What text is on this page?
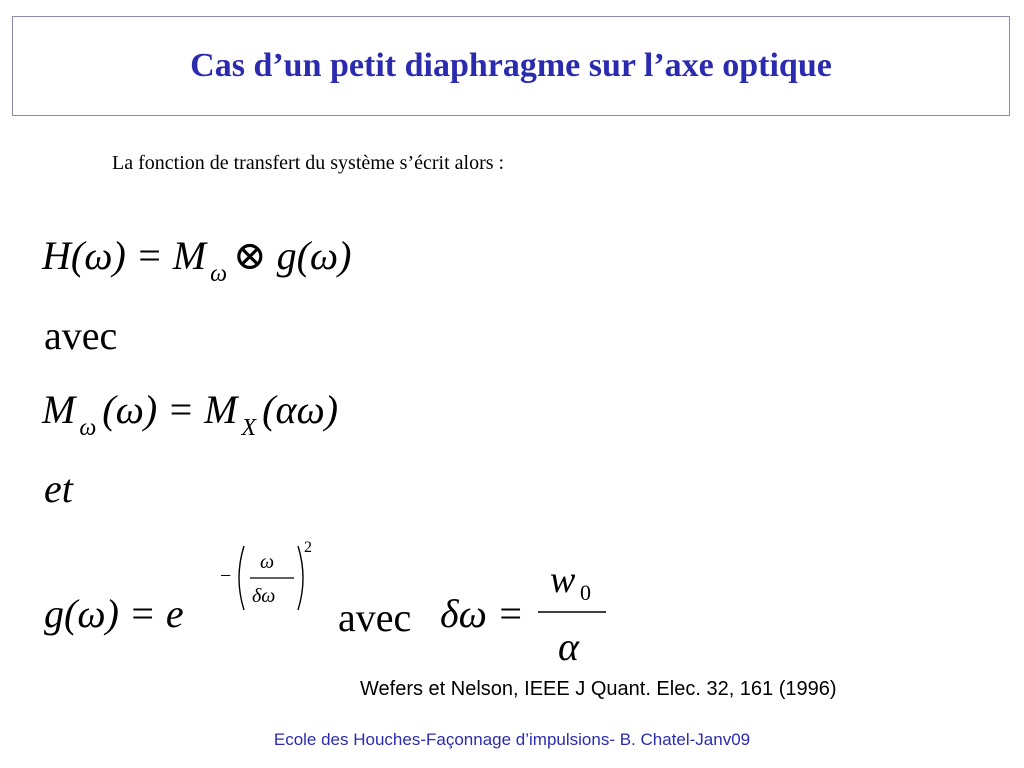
Cas d’un petit diaphragme sur l’axe optique
La fonction de transfert du système s’écrit alors :
H(ω) = M $_\omega$ ⊗ g(ω)
avec
M $_\omega$ (ω) = M $_X$ (αω)
et
g(ω) = e
−
ω
δω
2
avec δω =
w 0
α
Wefers et Nelson, IEEE J Quant. Elec. 32, 161 (1996)
Ecole des Houches-Façonnage d’impulsions- B. Chatel-Janv09
